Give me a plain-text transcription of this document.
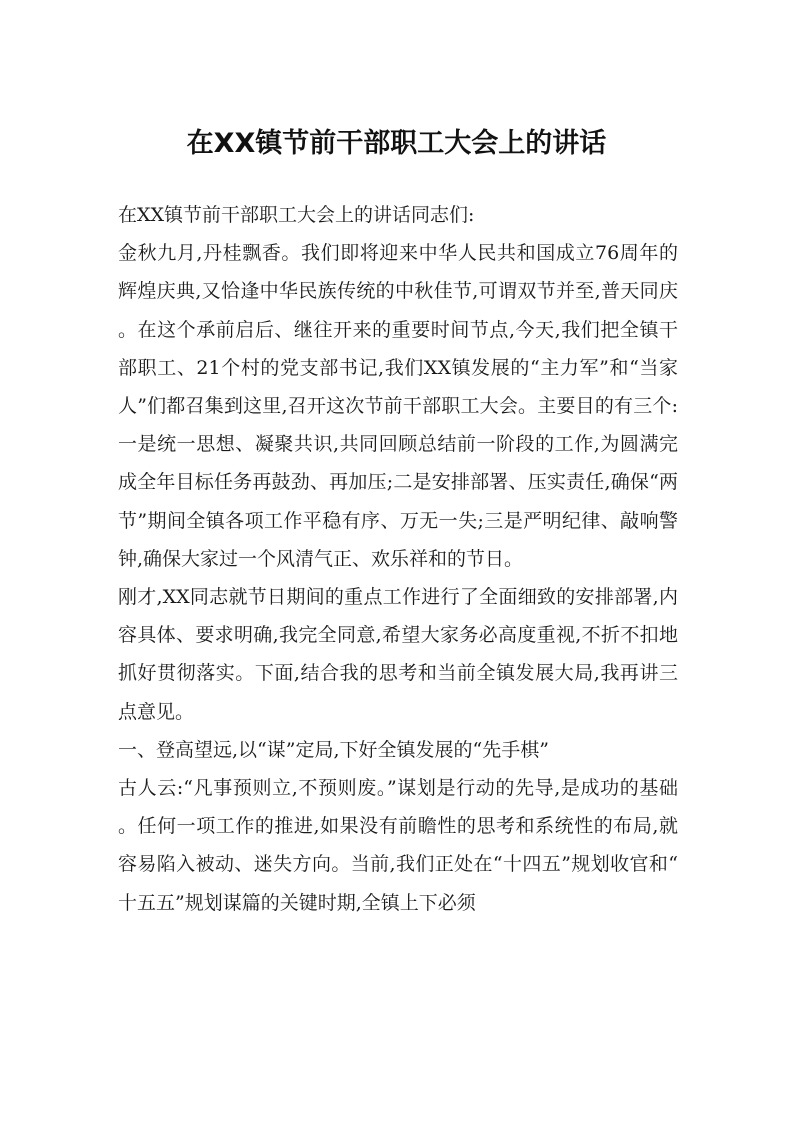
在XX镇节前干部职工大会上的讲话

在XX镇节前干部职工大会上的讲话同志们:

金秋九月,丹桂飘香。我们即将迎来中华人民共和国成立76周年的辉煌庆典,又恰逢中华民族传统的中秋佳节,可谓双节并至,普天同庆。在这个承前启后、继往开来的重要时间节点,今天,我们把全镇干部职工、21个村的党支部书记,我们XX镇发展的“主力军”和“当家人”们都召集到这里,召开这次节前干部职工大会。主要目的有三个:一是统一思想、凝聚共识,共同回顾总结前一阶段的工作,为圆满完成全年目标任务再鼓劲、再加压;二是安排部署、压实责任,确保“两节”期间全镇各项工作平稳有序、万无一失;三是严明纪律、敲响警钟,确保大家过一个风清气正、欢乐祥和的节日。

刚才,XX同志就节日期间的重点工作进行了全面细致的安排部署,内容具体、要求明确,我完全同意,希望大家务必高度重视,不折不扣地抓好贯彻落实。下面,结合我的思考和当前全镇发展大局,我再讲三点意见。

一、登高望远,以“谋”定局,下好全镇发展的“先手棋”

古人云:“凡事预则立,不预则废。”谋划是行动的先导,是成功的基础。任何一项工作的推进,如果没有前瞻性的思考和系统性的布局,就容易陷入被动、迷失方向。当前,我们正处在“十四五”规划收官和“十五五”规划谋篇的关键时期,全镇上下必须
